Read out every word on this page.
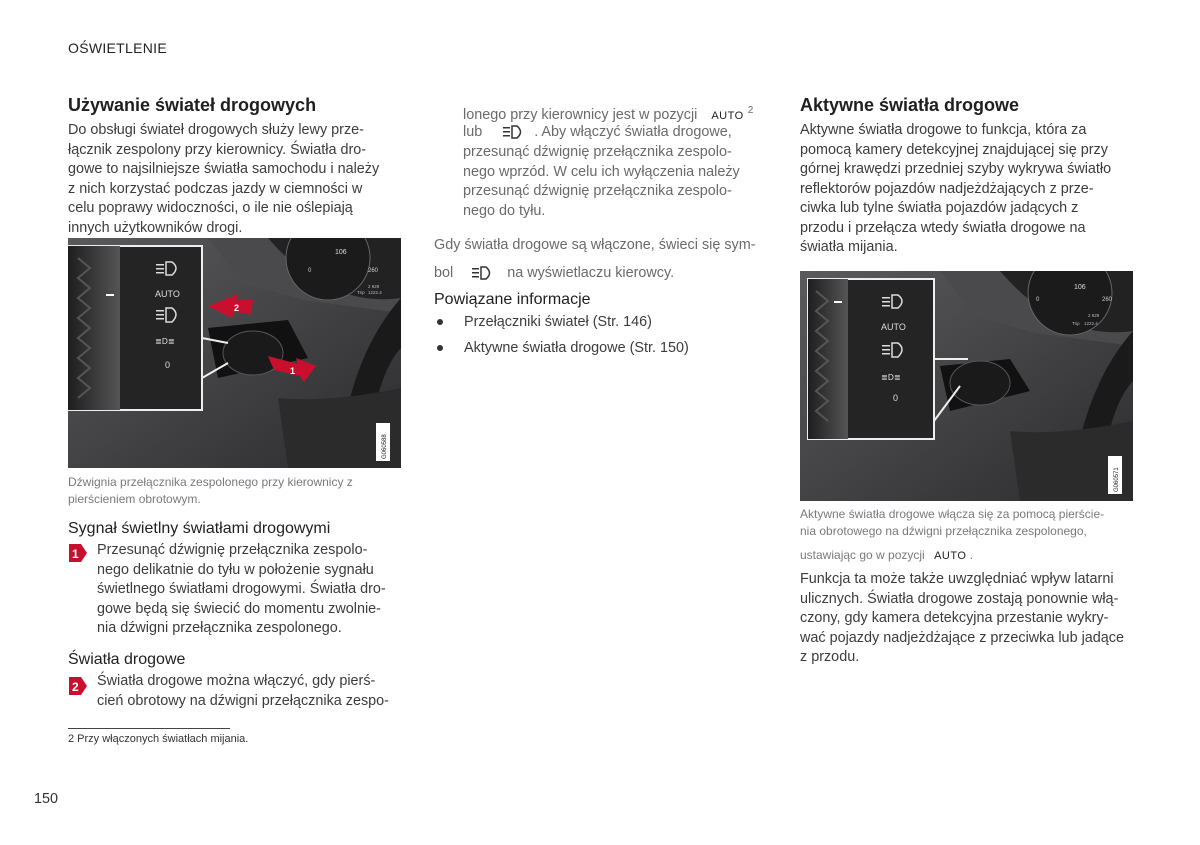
OŚWIETLENIE
Używanie świateł drogowych

Do obsługi świateł drogowych służy lewy prze-

łącznik zespolony przy kierownicy. Światła dro-

gowe to najsilniejsze światła samochodu i należy

z nich korzystać podczas jazdy w ciemności w

celu poprawy widoczności, o ile nie oślepiają

innych użytkowników drogi.

106
0	260
2 929
Trip 1222.4
2
1
AUTO
≣D≣
0
G060588
Dźwignia przełącznika zespolonego przy kierownicy z
pierścieniem obrotowym.
Sygnał świetlny światłami drogowymi
1 Przesunąć dźwignię przełącznika zespolo-

nego delikatnie do tyłu w położenie sygnału

świetlnego światłami drogowymi. Światła dro-

gowe będą się świecić do momentu zwolnie-

nia dźwigni przełącznika zespolonego.

Światła drogowe
2 Światła drogowe można włączyć, gdy pierś-

cień obrotowy na dźwigni przełącznika zespo-

2 Przy włączonych światłach mijania.
150
lonego przy kierownicy jest w pozycji AUTO $^2$
lub	. Aby włączyć światła drogowe,

przesunąć dźwignię przełącznika zespolo-

nego wprzód. W celu ich wyłączenia należy

przesunąć dźwignię przełącznika zespolo-

nego do tyłu.

Gdy światła drogowe są włączone, świeci się sym-

bol	na wyświetlaczu kierowcy.
Powiązane informacje
Przełączniki świateł (Str. 146)
Aktywne światła drogowe (Str. 150)
Aktywne światła drogowe

Aktywne światła drogowe to funkcja, która za

pomocą kamery detekcyjnej znajdującej się przy

górnej krawędzi przedniej szyby wykrywa światło

reflektorów pojazdów nadjeżdżających z prze-

ciwka lub tylne światła pojazdów jadących z

przodu i przełącza wtedy światła drogowe na

światła mijania.

106
0	260
2 929
Trip 1222.4
AUTO
≣D≣
0
G060571
Aktywne światła drogowe włącza się za pomocą pierście-
nia obrotowego na dźwigni przełącznika zespolonego,
ustawiając go w pozycji AUTO .

Funkcja ta może także uwzględniać wpływ latarni

ulicznych. Światła drogowe zostają ponownie włą-

czony, gdy kamera detekcyjna przestanie wykry-

wać pojazdy nadjeżdżające z przeciwka lub jadące

z przodu.
